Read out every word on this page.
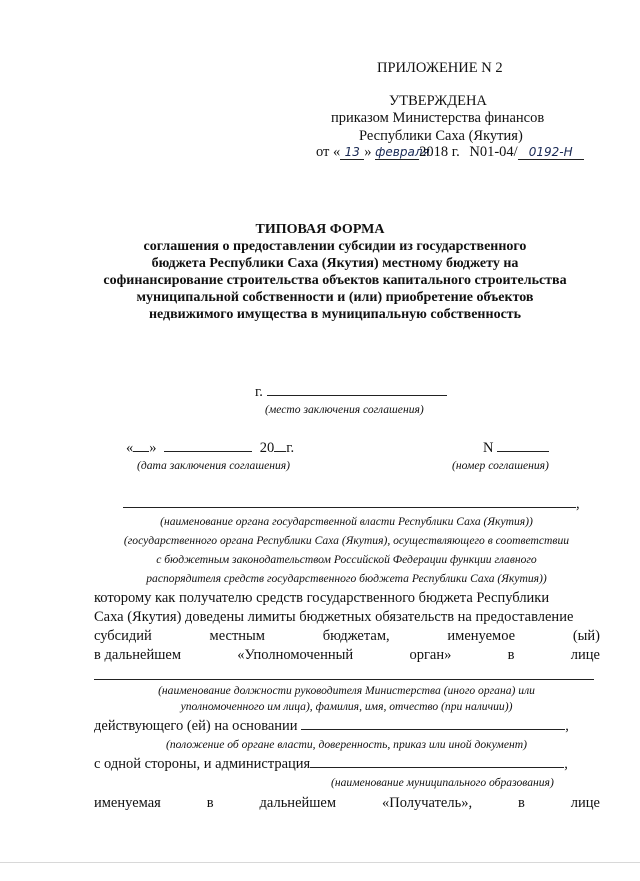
ПРИЛОЖЕНИЕ N 2
УТВЕРЖДЕНА
приказом Министерства финансов
Республики Саха (Якутия)
от « 13 » февраля2018 г. N01-04/ 0192-Н
ТИПОВАЯ ФОРМА
соглашения о предоставлении субсидии из государственного
бюджета Республики Саха (Якутия) местному бюджету на
софинансирование строительства объектов капитального строительства
муниципальной собственности и (или) приобретение объектов
недвижимого имущества в муниципальную собственность
г.
(место заключения соглашения)
« »	20 г.	N
(дата заключения соглашения)	(номер соглашения)
,
(наименование органа государственной власти Республики Саха (Якутия))
(государственного органа Республики Саха (Якутия), осуществляющего в соответствии
с бюджетным законодательством Российской Федерации функции главного
распорядителя средств государственного бюджета Республики Саха (Якутия))
которому как получателю средств государственного бюджета Республики
Саха (Якутия) доведены лимиты бюджетных обязательств на предоставление
субсидий	местным	бюджетам,	именуемое	(ый)
в дальнейшем	«Уполномоченный	орган»	в	лице
(наименование должности руководителя Министерства (иного органа) или
уполномоченного им лица), фамилия, имя, отчество (при наличии))
действующего (ей) на основании	,
(положение об органе власти, доверенность, приказ или иной документ)
с одной стороны, и администрация	,
(наименование муниципального образования)
именуемая	в	дальнейшем	«Получатель»,	в	лице
